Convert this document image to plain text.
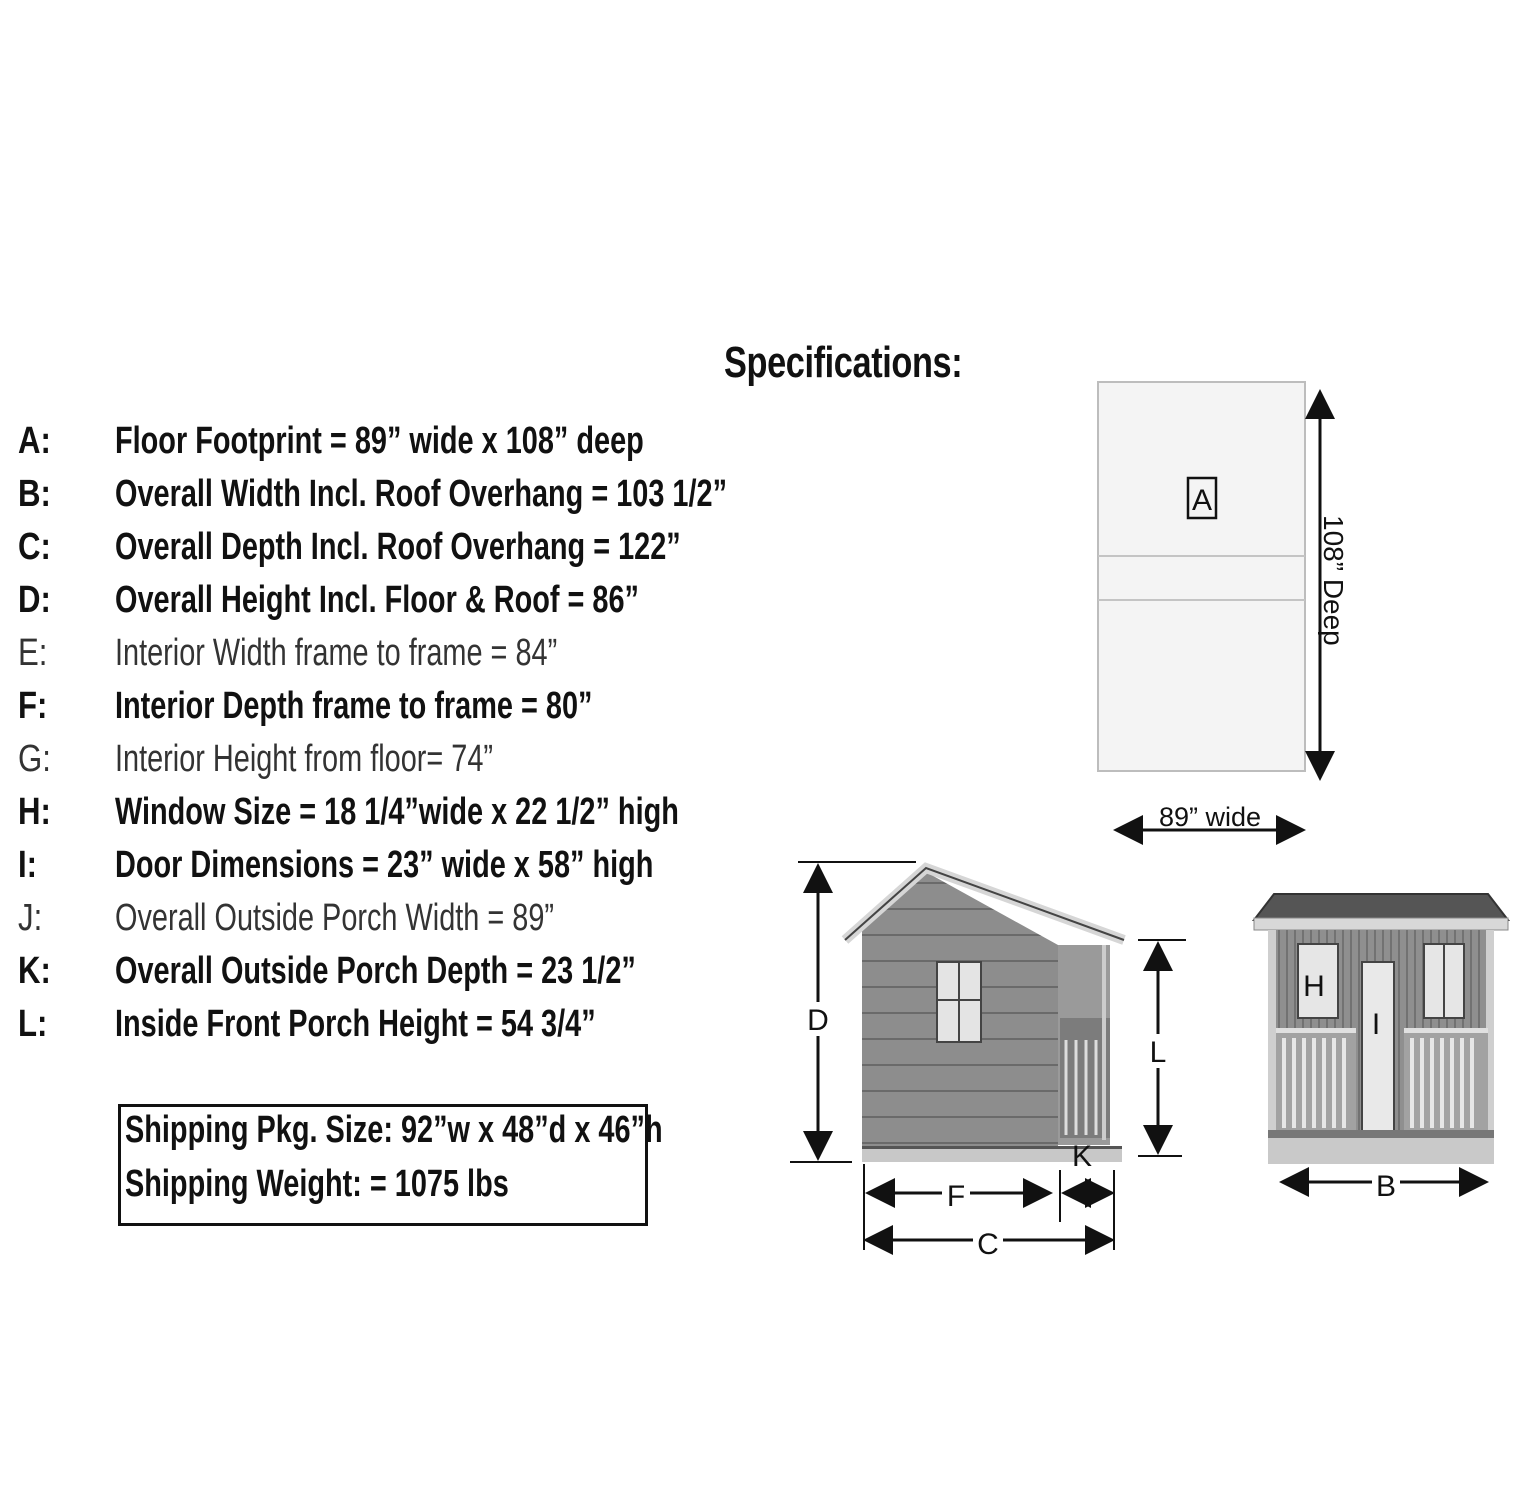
Specifications:
A:	Floor Footprint = 89” wide x 108” deep
B:	Overall Width Incl. Roof Overhang = 103 1/2”
C:	Overall Depth Incl. Roof Overhang = 122”
D:	Overall Height Incl. Floor & Roof = 86”
E:	Interior Width frame to frame = 84”
F:	Interior Depth frame to frame = 80”
G:	Interior Height from floor= 74”
H:	Window Size = 18 1/4”wide x 22 1/2” high
I:	Door Dimensions = 23” wide x 58” high
J:	Overall Outside Porch Width = 89”
K:	Overall Outside Porch Depth = 23 1/2”
L:	Inside Front Porch Height = 54 3/4”
Shipping Pkg. Size: 92”w x 48”d x 46”h
Shipping Weight: = 1075 lbs
A
108” Deep
89” wide
D
L
K
F
C
H
I
B
